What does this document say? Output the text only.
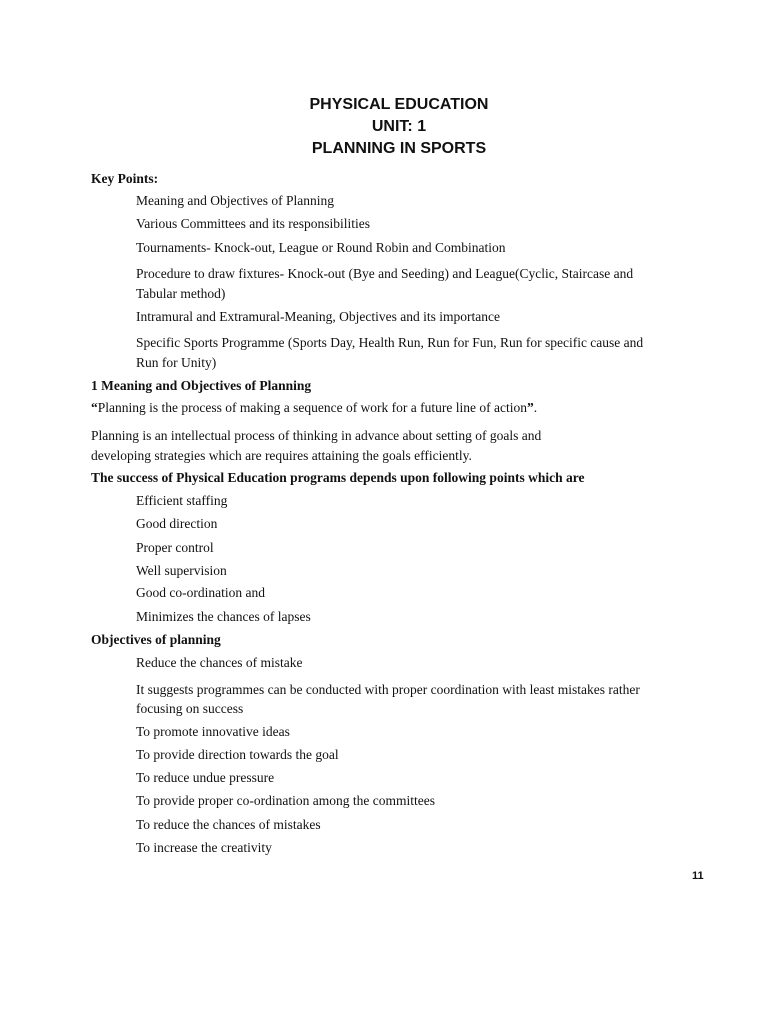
PHYSICAL EDUCATION
UNIT: 1
PLANNING IN SPORTS
Key Points:
Meaning and Objectives of Planning
Various Committees and its responsibilities
Tournaments- Knock-out, League or Round Robin and Combination
Procedure to draw fixtures- Knock-out (Bye and Seeding) and League(Cyclic, Staircase and
Tabular method)
Intramural and Extramural-Meaning, Objectives and its importance
Specific Sports Programme (Sports Day, Health Run, Run for Fun, Run for specific cause and
Run for Unity)
1 Meaning and Objectives of Planning
“Planning is the process of making a sequence of work for a future line of action”.
Planning is an intellectual process of thinking in advance about setting of goals and
developing strategies which are requires attaining the goals efficiently.
The success of Physical Education programs depends upon following points which are
Efficient staffing
Good direction
Proper control
Well supervision
Good co-ordination and
Minimizes the chances of lapses
Objectives of planning
Reduce the chances of mistake
It suggests programmes can be conducted with proper coordination with least mistakes rather
focusing on success
To promote innovative ideas
To provide direction towards the goal
To reduce undue pressure
To provide proper co-ordination among the committees
To reduce the chances of mistakes
To increase the creativity
11
